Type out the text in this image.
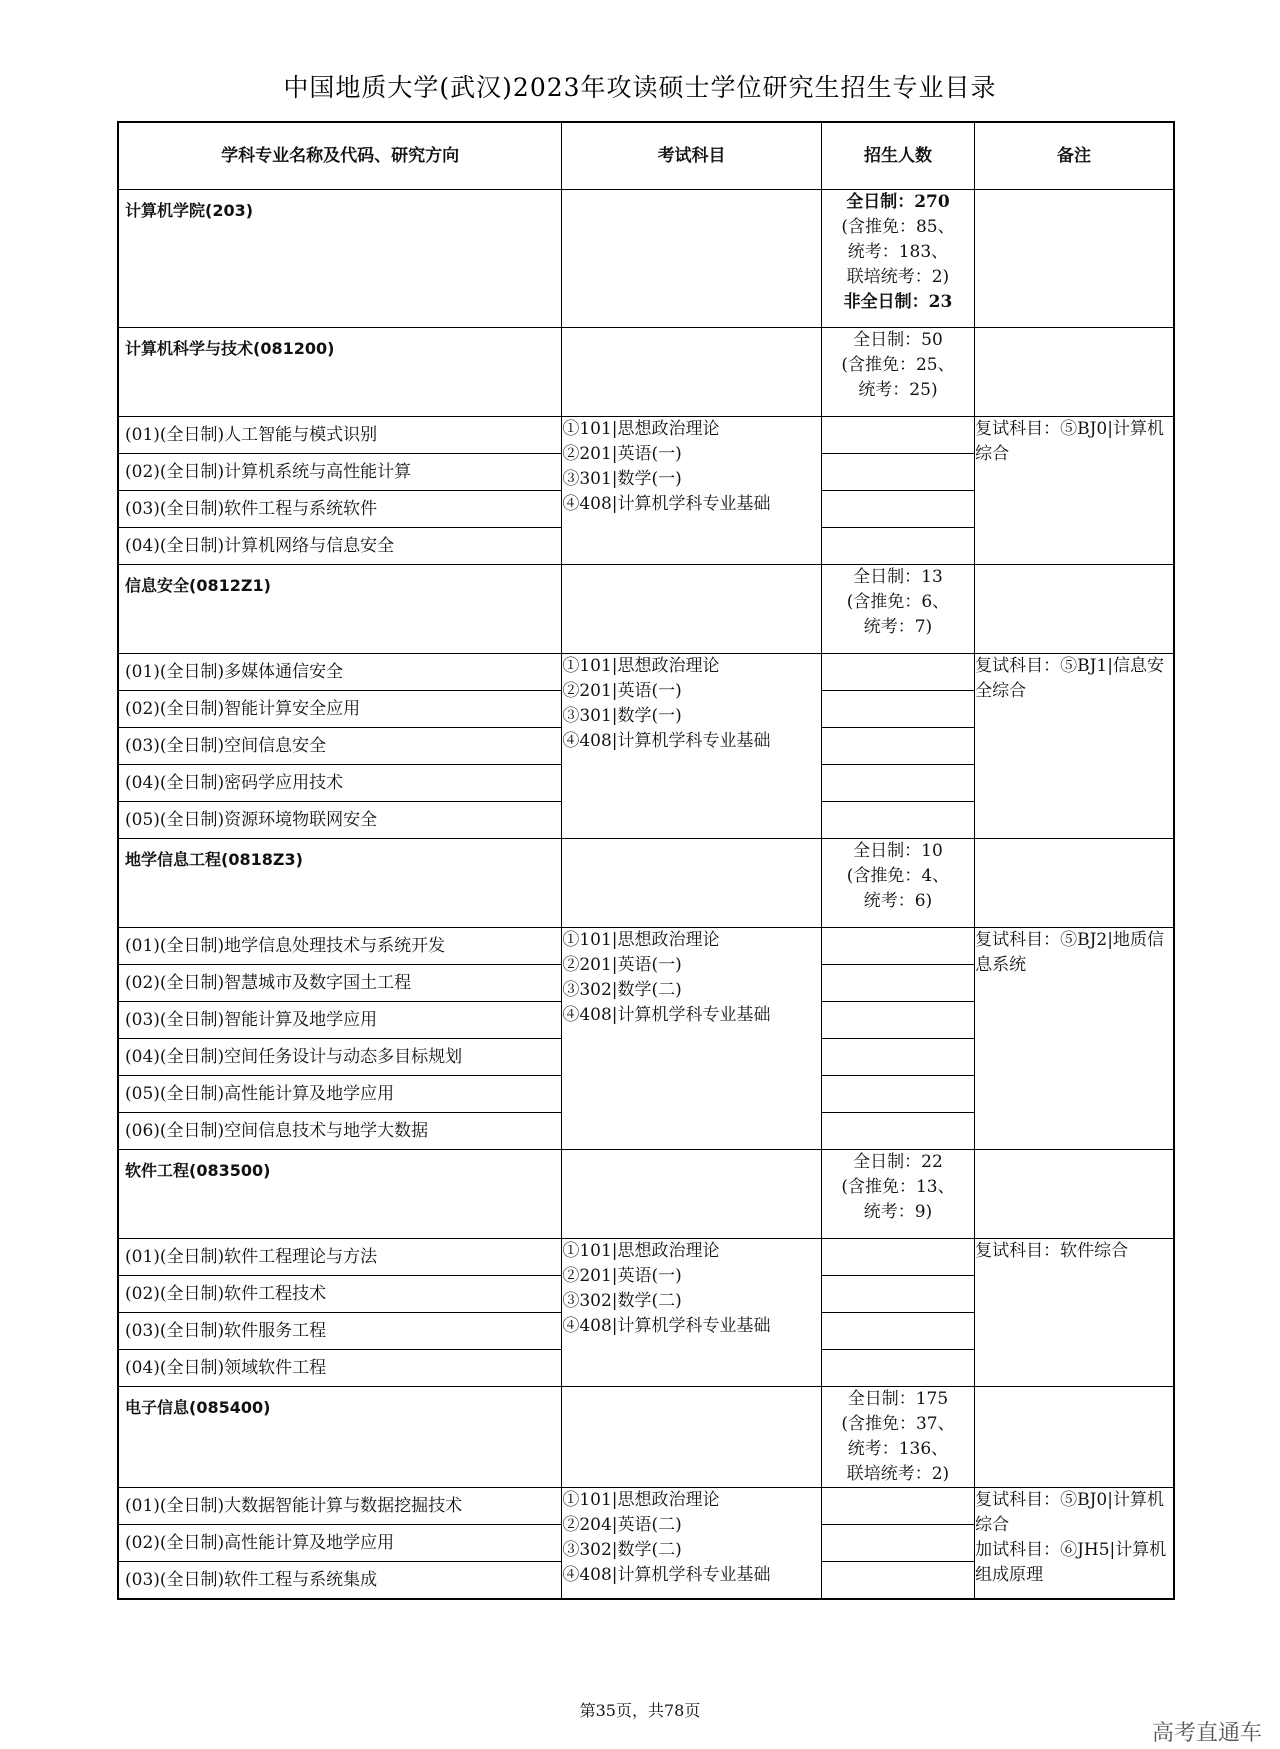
中国地质大学(武汉)2023年攻读硕士学位研究生招生专业目录
学科专业名称及代码、研究方向	考试科目	招生人数	备注

计算机学院(203)		全日制：270
(含推免：85、
统考：183、
联培统考：2)
非全日制：23	

计算机科学与技术(081200)		全日制：50
(含推免：25、
统考：25)	

(01)(全日制)人工智能与模式识别	①101|思想政治理论
②201|英语(一)
③301|数学(一)
④408|计算机学科专业基础		复试科目：⑤BJ0|计算机综合
(02)(全日制)计算机系统与高性能计算			
(03)(全日制)软件工程与系统软件			
(04)(全日制)计算机网络与信息安全			

信息安全(0812Z1)		全日制：13
(含推免：6、
统考：7)	

(01)(全日制)多媒体通信安全	①101|思想政治理论
②201|英语(一)
③301|数学(一)
④408|计算机学科专业基础		复试科目：⑤BJ1|信息安全综合
(02)(全日制)智能计算安全应用			
(03)(全日制)空间信息安全			
(04)(全日制)密码学应用技术			
(05)(全日制)资源环境物联网安全			

地学信息工程(0818Z3)		全日制：10
(含推免：4、
统考：6)	

(01)(全日制)地学信息处理技术与系统开发	①101|思想政治理论
②201|英语(一)
③302|数学(二)
④408|计算机学科专业基础		复试科目：⑤BJ2|地质信息系统
(02)(全日制)智慧城市及数字国土工程			
(03)(全日制)智能计算及地学应用			
(04)(全日制)空间任务设计与动态多目标规划			
(05)(全日制)高性能计算及地学应用			
(06)(全日制)空间信息技术与地学大数据			

软件工程(083500)		全日制：22
(含推免：13、
统考：9)	

(01)(全日制)软件工程理论与方法	①101|思想政治理论
②201|英语(一)
③302|数学(二)
④408|计算机学科专业基础		复试科目：软件综合
(02)(全日制)软件工程技术			
(03)(全日制)软件服务工程			
(04)(全日制)领域软件工程			

电子信息(085400)		全日制：175
(含推免：37、
统考：136、
联培统考：2)	

(01)(全日制)大数据智能计算与数据挖掘技术	①101|思想政治理论
②204|英语(二)
③302|数学(二)
④408|计算机学科专业基础		复试科目：⑤BJ0|计算机综合
加试科目：⑥JH5|计算机组成原理
(02)(全日制)高性能计算及地学应用			
(03)(全日制)软件工程与系统集成			
第35页，共78页
高考直通车
